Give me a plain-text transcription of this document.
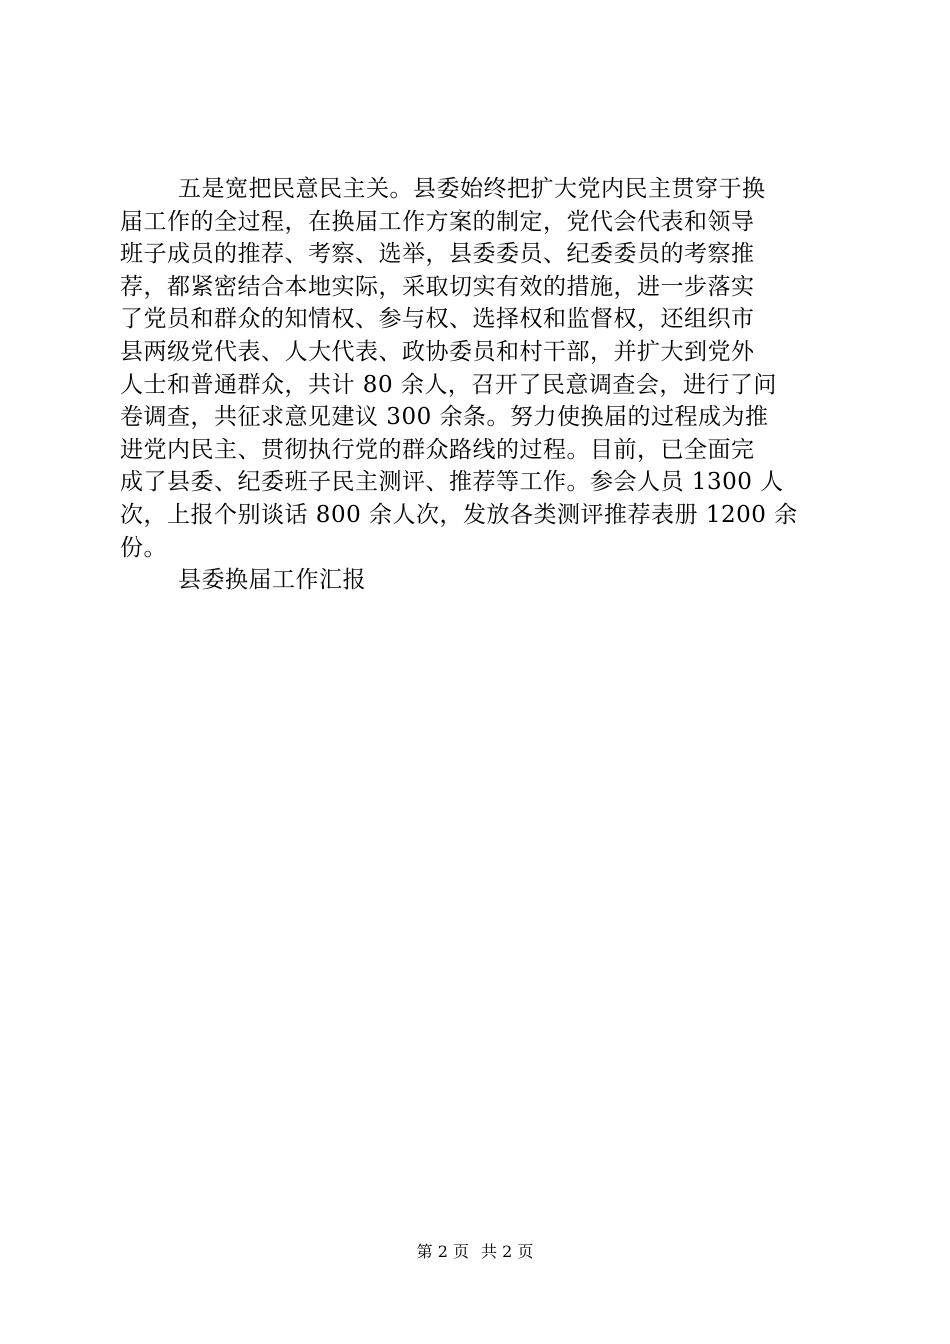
五是宽把民意民主关。县委始终把扩大党内民主贯穿于换
届工作的全过程，在换届工作方案的制定，党代会代表和领导
班子成员的推荐、考察、选举，县委委员、纪委委员的考察推
荐，都紧密结合本地实际，采取切实有效的措施，进一步落实
了党员和群众的知情权、参与权、选择权和监督权，还组织市
县两级党代表、人大代表、政协委员和村干部，并扩大到党外
人士和普通群众，共计 80 余人，召开了民意调查会，进行了问
卷调查，共征求意见建议 300 余条。努力使换届的过程成为推
进党内民主、贯彻执行党的群众路线的过程。目前，已全面完
成了县委、纪委班子民主测评、推荐等工作。参会人员 1300 人
次，上报个别谈话 800 余人次，发放各类测评推荐表册 1200 余
份。
县委换届工作汇报
第 2 页 共 2 页
